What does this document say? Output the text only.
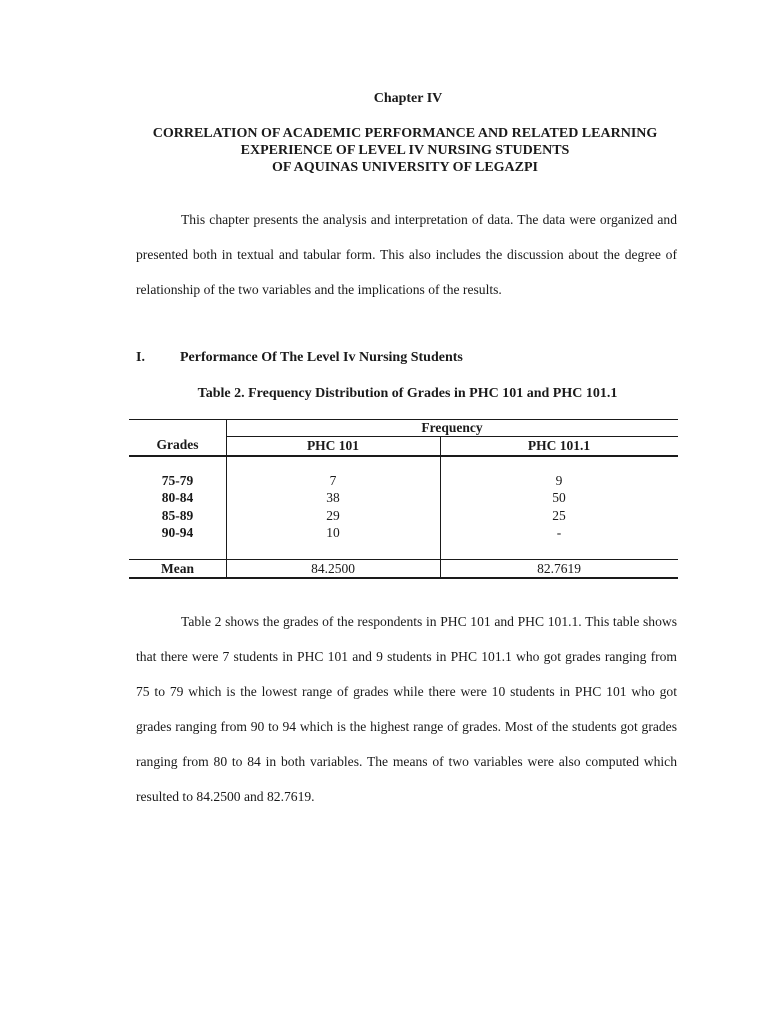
Chapter IV
CORRELATION OF ACADEMIC PERFORMANCE AND RELATED LEARNING
EXPERIENCE OF LEVEL IV NURSING STUDENTS
OF AQUINAS UNIVERSITY OF LEGAZPI

This chapter presents the analysis and interpretation of data. The data were organized and presented both in textual and tabular form. This also includes the discussion about the degree of relationship of the two variables and the implications of the results.

I.	Performance Of The Level Iv Nursing Students
Table 2. Frequency Distribution of Grades in PHC 101 and PHC 101.1
Frequency
Grades	PHC 101	PHC 101.1
75-79	7	9
80-84	38	50
85-89	29	25
90-94	10	-
Mean	84.2500	82.7619

Table 2 shows the grades of the respondents in PHC 101 and PHC 101.1. This table shows that there were 7 students in PHC 101 and 9 students in PHC 101.1 who got grades ranging from 75 to 79 which is the lowest range of grades while there were 10 students in PHC 101 who got grades ranging from 90 to 94 which is the highest range of grades. Most of the students got grades ranging from 80 to 84 in both variables. The means of two variables were also computed which resulted to 84.2500 and 82.7619.
